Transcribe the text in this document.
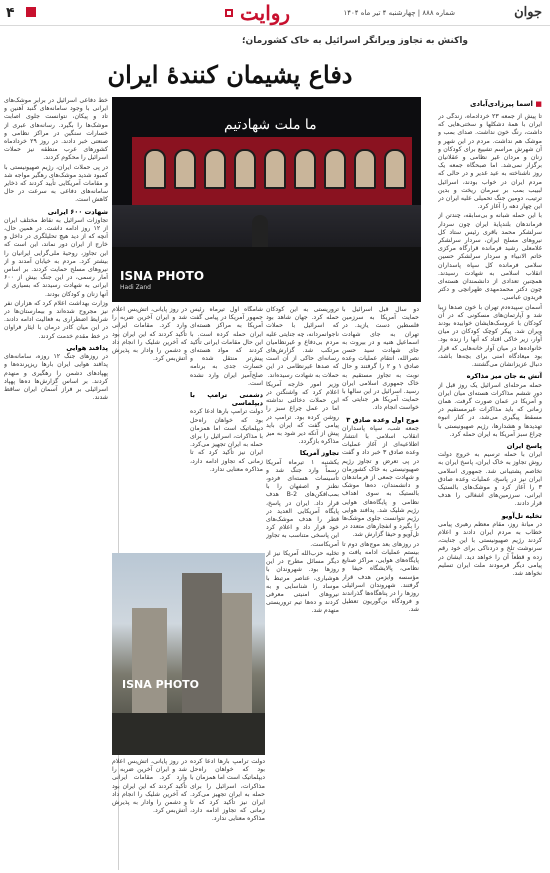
۴	روایت	شماره ۸۸۸ | چهارشنبه ۴ تیر ماه ۱۴۰۴	جوان
واکنش به تجاوز ویرانگر اسرائیل به خاک کشورمان؛
دفاع پشیمان کنندهٔ ایران
ما ملت شهادتیم
ISNA PHOTO
Hadi Zand
■ اسما پیرزادی‌آبادی

تا پیش از جمعه ۲۳ خردادماه، زندگی در ایران با همهٔ دشکلها و سختی‌هایی که داشت، رنگ خون نداشت. صدای بمب و موشک هم نداشت. مردم در این شهر و آن شهرش مراسم تشییع برای کودکان و زنان و مردان غیر نظامی و عقلانیان برگزار نمی‌شد. اما صبحگاه جمعه یک روز ناشناخته به عید غدیر و در حالی که مردم ایران در خواب بودند، اسرائیل لبیبب بمب بر سرمان ریخت و بدین ترتیب، دومین جنگ تحمیلی علیه ایران در این چهار دهه را آغاز کرد.

با این حمله شبانه و بی‌سابقه، چندتن از فرماندهان بلندپایهٔ ایران چون سردار سرلشکر محمد باقری رئیس ستاد کل نیروهای مسلح ایران، سردار سرلشکر غلامعلی رشید فرمانده قرارگاه مرکزی خاتم الانبیاء و سردار سرلشکر حسین سلامی فرمانده کل سپاه پاسداران انقلاب اسلامی به شهادت رسیدند. همچنین تعدادی از دانشمندان هسته‌ای چون دکتر محمدمهدی طهرانچی و دکتر فریدون عباسی.

آسمان سپیده‌دم تهران با خون صدها زیبا شد و آپارتمان‌های مسکونی که در آن کودکان با عروسک‌هایشان خوابیده بودند ویران شد. پیکر کوچک کودکان در میان آوار، زیر خاکی افتاد که آنها را زنده بود. خانواده‌ها در میان آوار خانه‌هایی که قرار بود میعادگاه امنی برای بچه‌ها باشد، دنبال عزیزانشان می‌گشتند.

آتش به جان میز مذاکره

حمله مرحله‌ای اسرائیل یک روز قبل از دور ششم مذاکرات هسته‌ای میان ایران و آمریکا در عمان صورت گرفت. همان زمانی که باید مذاکرات غیرمستقیم در مسقط پیگیری می‌شد، در کنار انبوه تهدیدها و هشدارها، رژیم صهیونیستی با چراغ سبز آمریکا به ایران حمله کرد.

پاسخ ایران

ایران با حمله ترسیم به خروج دولت روش تجاوز به خاک ایران، پاسخ ایران به تخاصم پشتیبانی شد. جمهوری اسلامی ایران نیز در پاسخ، عملیات وعده صادق ۳ را آغاز کرد و موشک‌های بالستیک ایرانی، سرزمین‌های اشغالی را هدف قرار دادند.

تخلیه تل‌آویو

در میانهٔ روز، مقام معظم رهبری پیامی خطاب به مردم ایران دادند و اعلام کردند رژیم صهیونیستی با این جنایت، سرنوشت تلخ و دردناکی برای خود رقم زده و قطعاً آن را خواهد دید. ایشان در پیامی دیگر فرمودند ملت ایران تسلیم نخواهد شد.

دو سال قبل اسرائیل با حمایت آمریکا به سرزمین فلسطین دست یازید. در تهران به جای شهادت اسماعیل هنیه و در بیروت به جای شهادت سید حسن نصرالله، انتقام عملیات وعده صادق ۱ و ۲ را گرفتند و حال نوبت به تجاوز مستقیم به خاک جمهوری اسلامی ایران رسید. اسرائیل در این سالها با حمایت آمریکا هر جنایتی که خواست انجام داد.

موج اول وعده صادق ۳

جمعه شب، سپاه پاسداران انقلاب اسلامی با انتشار اطلاعیه‌ای از آغاز عملیات وعده صادق ۳ خبر داد و گفت در پی تعرض و تجاوز رژیم صهیونیستی به خاک کشورمان و شهادت جمعی از فرماندهان و دانشمندان، ده‌ها موشک بالستیک به سوی اهداف نظامی و پایگاه‌های هوایی رژیم شلیک شد. پدافند هوایی رژیم نتوانست جلوی موشک‌ها را بگیرد و انفجارهای متعدد در تل‌آویو و حیفا گزارش شد.

در روزهای بعد موج‌های دوم تا بیستم عملیات ادامه یافت و پایگاه‌های هوایی، مراکز صنایع نظامی، پالایشگاه حیفا و مؤسسه وایزمن هدف قرار گرفتند. شهروندان اسرائیلی روزها را در پناهگاه‌ها گذراندند و فرودگاه بن‌گوریون تعطیل شد.

تروریستی به این کودکان حمله کرد. جهان شاهد بود که اسرائیل با حملات ناجوانمردانه، چه جنایتی علیه مردم بی‌دفاع و غیرنظامیان مرتکب شد. گزارش‌های رسانه‌ای حاکی از آن است که صدها غیرنظامی در این حملات به شهادت رسیده‌اند.

وزیر امور خارجه آمریکا اعلام کرد که واشنگتن در این حملات دخالتی نداشته اما در عمل چراغ سبز را روشن کرده بود. ترامپ در پیامی گفت که ایران باید پیش از آنکه دیر شود به میز مذاکره بازگردد.

تجاوز آمریکا

یکشنبه ۱ تیرماه آمریکا رسماً وارد جنگ شد و تأسیسات هسته‌ای فردو، نطنز و اصفهان را با بمب‌افکن‌های B-2 هدف قرار داد. ایران در پاسخ، پایگاه آمریکایی العدید در قطر را هدف موشک‌های خود قرار داد و اعلام کرد این پاسخی متناسب به تجاوز آمریکاست.

تخلیه حزب‌الله آمریکا نیز از دیگر مسائل مطرح در این روزها بود. شهروندان با هوشیاری، عناصر مرتبط با موساد را شناسایی و به نیروهای امنیتی معرفی کردند و ده‌ها تیم تروریستی منهدم شد.

شامگاه اول تیرماه رئیس جمهور آمریکا در پیامی گفت آمریکا به مراکز هسته‌ای ایران حمله کرده است. با این حال مقامات ایرانی تأکید کردند که مواد هسته‌ای پیش‌تر منتقل شده و خسارت جدی به برنامه صلح‌آمیز ایران وارد نشده است.

دشمنی ترامپ با دیپلماسی

دولت ترامپ بارها ادعا کرده بود که خواهان راه‌حل دیپلماتیک است اما همزمان با مذاکرات، اسرائیل را برای حمله به ایران تجهیز می‌کرد. ایران نیز تأکید کرد که تا زمانی که تجاوز ادامه دارد، مذاکره معنایی ندارد.

در روز پایانی، آتش‌بس اعلام شد و ایران آخرین ضربه را وارد کرد. مقامات ایرانی تأکید کردند که این ایران بود که آخرین شلیک را انجام داد و دشمن را وادار به پذیرش آتش‌بس کرد.

ISNA PHOTO

دولت ترامپ بارها ادعا کرده بود که خواهان راه‌حل دیپلماتیک است اما همزمان با مذاکرات، اسرائیل را برای حمله به ایران تجهیز می‌کرد. ایران نیز تأکید کرد که تا زمانی که تجاوز ادامه دارد، مذاکره معنایی ندارد.

در روز پایانی، آتش‌بس اعلام شد و ایران آخرین ضربه را وارد کرد. مقامات ایرانی تأکید کردند که این ایران بود که آخرین شلیک را انجام داد و دشمن را وادار به پذیرش آتش‌بس کرد.

خط دفاعی اسرائیل در برابر موشک‌های ایرانی با وجود سامانه‌های گنبد آهنین و تاد و پیکان، نتوانست جلوی اصابت موشک‌ها را بگیرد. رسانه‌های عبری از خسارات سنگین در مراکز نظامی و صنعتی خبر دادند. در روز ۲۹ خردادماه کشورهای عرب منطقه نیز حملات اسرائیل را محکوم کردند.

در پی حملات ایران، رژیم صهیونیستی با کمبود شدید موشک‌های رهگیر مواجه شد و مقامات آمریکایی تأیید کردند که ذخایر سامانه‌های دفاعی به سرعت در حال کاهش است.

شهادت ۶۰۰ ایرانی

تجاوزات اسرائیل به نقاط مختلف ایران از ۱۲ روز ادامه داشت. در همین حال، آنچه که از دید هیچ تحلیلگری در داخل و خارج از ایران دور نماند، این است که این تجاوز، روحیهٔ ملی‌گرایی ایرانیان را بیشتر کرد. مردم به خیابان آمدند و از نیروهای مسلح حمایت کردند. بر اساس آمار رسمی، در این جنگ بیش از ۶۰۰ ایرانی به شهادت رسیدند که بسیاری از آنها زنان و کودکان بودند.

وزارت بهداشت اعلام کرد که هزاران نفر نیز مجروح شده‌اند و بیمارستان‌ها در شرایط اضطراری به فعالیت ادامه دادند. در این میان کادر درمان با ایثار فراوان در خط مقدم خدمت کردند.

پدافند هوایی

در روزهای جنگ ۱۲ روزه، سامانه‌های پدافند هوایی ایران بارها ریزپرنده‌ها و پهپادهای دشمن را رهگیری و منهدم کردند. بر اساس گزارش‌ها ده‌ها پهپاد اسرائیلی بر فراز آسمان ایران ساقط شدند.
